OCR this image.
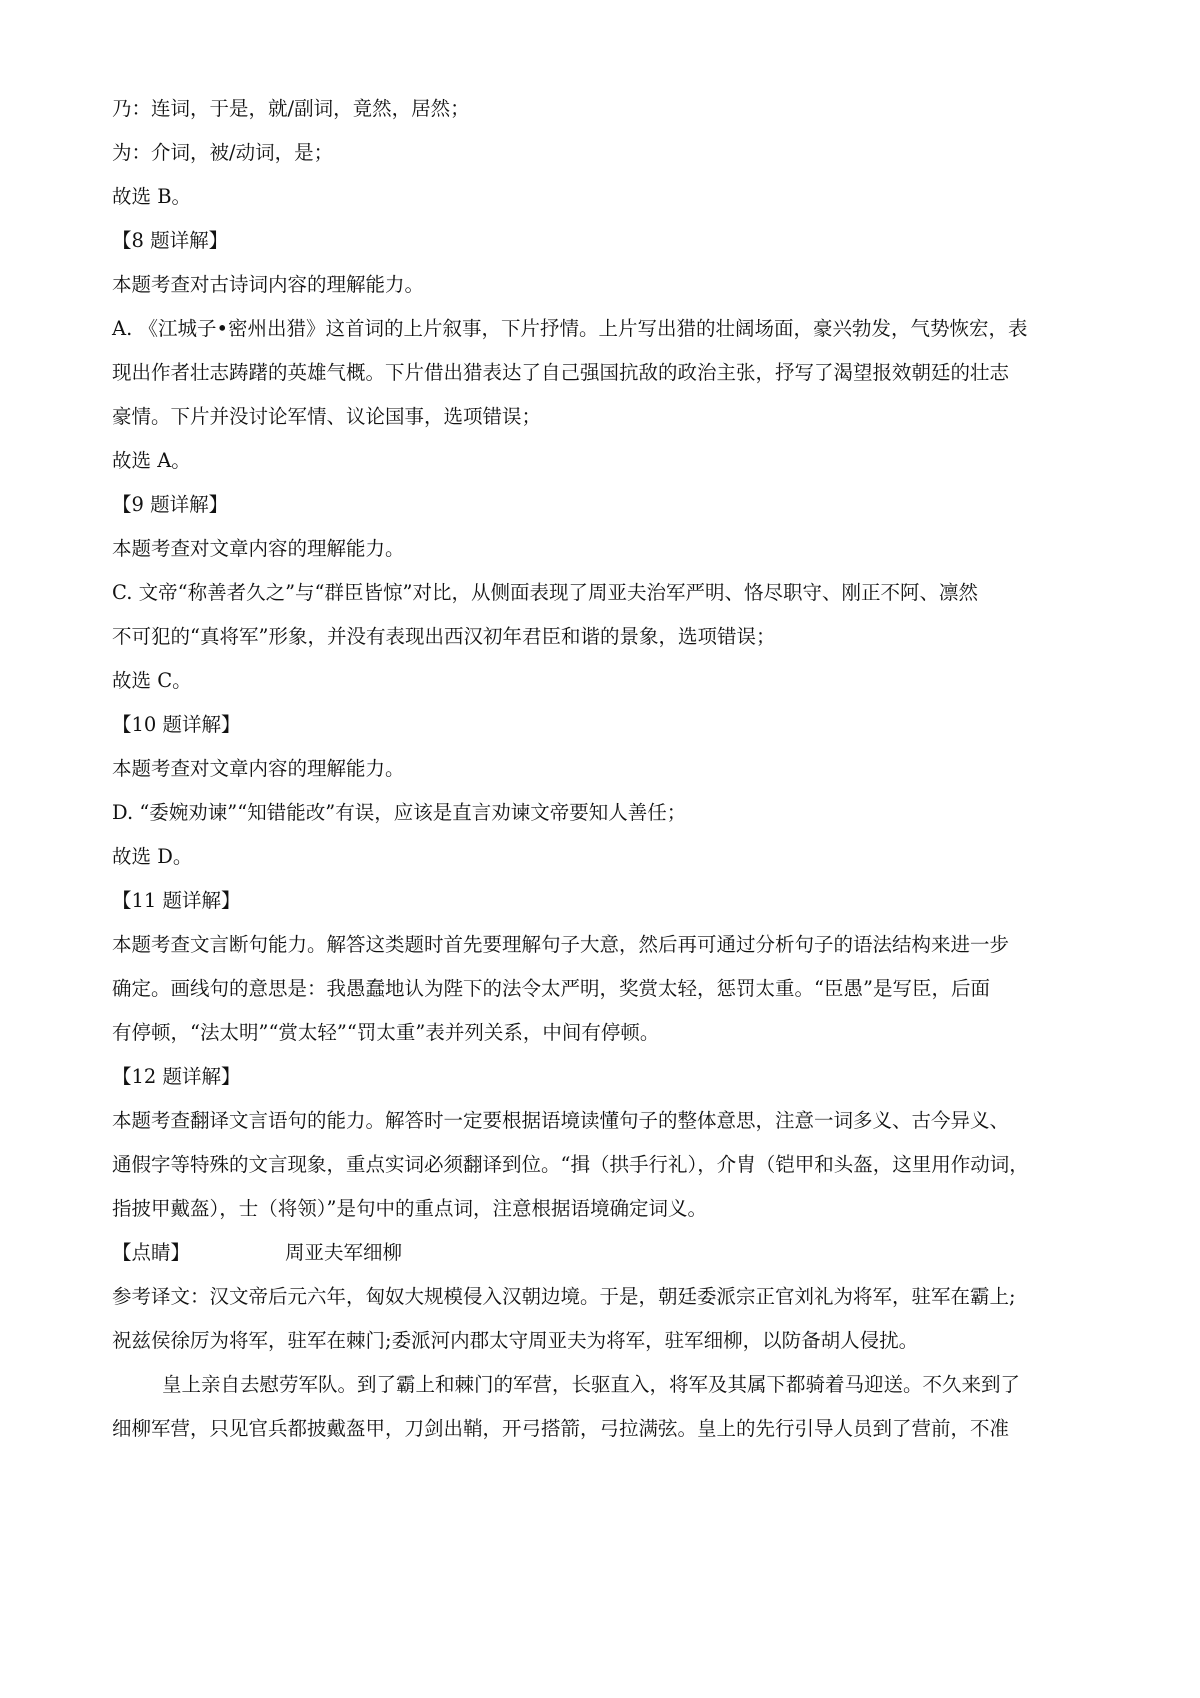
乃：连词，于是，就/副词，竟然，居然；
为：介词，被/动词，是；
故选 B。
【8 题详解】
本题考查对古诗词内容的理解能力。
A. 《江城子•密州出猎》这首词的上片叙事，下片抒情。上片写出猎的壮阔场面，豪兴勃发，气势恢宏，表
现出作者壮志踌躇的英雄气概。下片借出猎表达了自己强国抗敌的政治主张，抒写了渴望报效朝廷的壮志
豪情。下片并没讨论军情、议论国事，选项错误；
故选 A。
【9 题详解】
本题考查对文章内容的理解能力。
C. 文帝“称善者久之”与“群臣皆惊”对比，从侧面表现了周亚夫治军严明、恪尽职守、刚正不阿、凛然
不可犯的“真将军”形象，并没有表现出西汉初年君臣和谐的景象，选项错误；
故选 C。
【10 题详解】
本题考查对文章内容的理解能力。
D. “委婉劝谏”“知错能改”有误，应该是直言劝谏文帝要知人善任；
故选 D。
【11 题详解】
本题考查文言断句能力。解答这类题时首先要理解句子大意，然后再可通过分析句子的语法结构来进一步
确定。画线句的意思是：我愚蠢地认为陛下的法令太严明，奖赏太轻，惩罚太重。“臣愚”是写臣，后面
有停顿，“法太明”“赏太轻”“罚太重”表并列关系，中间有停顿。
【12 题详解】
本题考查翻译文言语句的能力。解答时一定要根据语境读懂句子的整体意思，注意一词多义、古今异义、
通假字等特殊的文言现象，重点实词必须翻译到位。“揖（拱手行礼），介胄（铠甲和头盔，这里用作动词，
指披甲戴盔），士（将领）”是句中的重点词，注意根据语境确定词义。
【点睛】	周亚夫军细柳
参考译文：汉文帝后元六年，匈奴大规模侵入汉朝边境。于是，朝廷委派宗正官刘礼为将军，驻军在霸上;
祝兹侯徐厉为将军，驻军在棘门;委派河内郡太守周亚夫为将军，驻军细柳，以防备胡人侵扰。
皇上亲自去慰劳军队。到了霸上和棘门的军营，长驱直入，将军及其属下都骑着马迎送。不久来到了
细柳军营，只见官兵都披戴盔甲，刀剑出鞘，开弓搭箭，弓拉满弦。皇上的先行引导人员到了营前，不准
